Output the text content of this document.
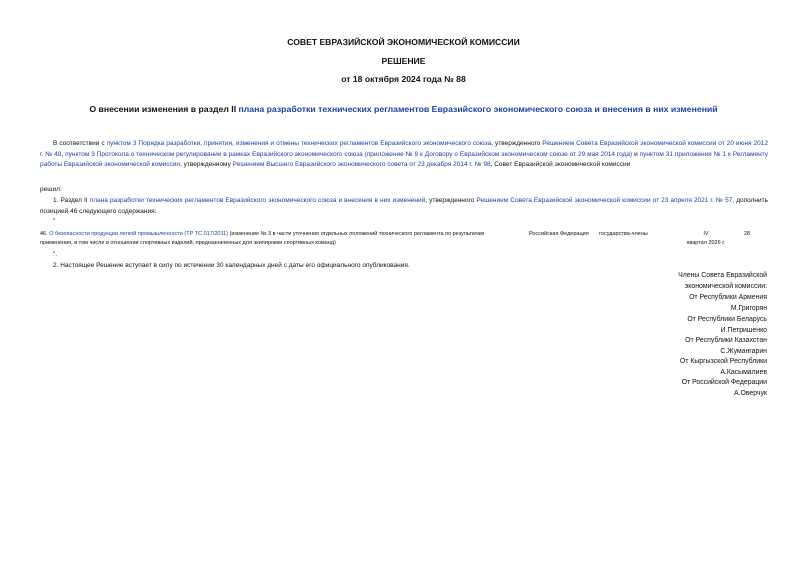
СОВЕТ ЕВРАЗИЙСКОЙ ЭКОНОМИЧЕСКОЙ КОМИССИИ
РЕШЕНИЕ
от 18 октября 2024 года № 88
О внесении изменения в раздел II плана разработки технических регламентов Евразийского экономического союза и внесения в них изменений
В соответствии с пунктом 3 Порядка разработки, принятия, изменения и отмены технических регламентов Евразийского экономического союза, утвержденного Решением Совета Евразийской экономической комиссии от 20 июня 2012 г. № 48, пунктом 3 Протокола о техническом регулировании в рамках Евразийского экономического союза (приложение № 9 к Договору о Евразийском экономическом союзе от 29 мая 2014 года) и пунктом 31 приложения № 1 к Регламенту работы Евразийской экономической комиссии, утвержденному Решением Высшего Евразийского экономического совета от 23 декабря 2014 г. № 98, Совет Евразийской экономической комиссии
решил:
1. Раздел II плана разработки технических регламентов Евразийского экономического союза и внесения в них изменений, утвержденного Решением Совета Евразийской экономической комиссии от 23 апреля 2021 г. № 57, дополнить позицией 46 следующего содержания:
"
46. О безопасности продукции легкой промышленности (ТР ТС 017/2011) (изменение № 3 в части уточнения отдельных положений технического регламента по результатам применения, в том числе в отношении спортивных изделий, предназначенных для экипировки спортивных команд)
Российская Федерация государства-члены	IV
квартал 2026 г.
28
".
2. Настоящее Решение вступает в силу по истечении 30 календарных дней с даты его официального опубликования.
Члены Совета Евразийской
экономической комиссии:
От Республики Армения
М.Григорян
От Республики Беларусь
И.Петришенко
От Республики Казахстан
С.Жумангарин
От Кыргызской Республики
А.Касымалиев
От Российской Федерации
А.Оверчук
